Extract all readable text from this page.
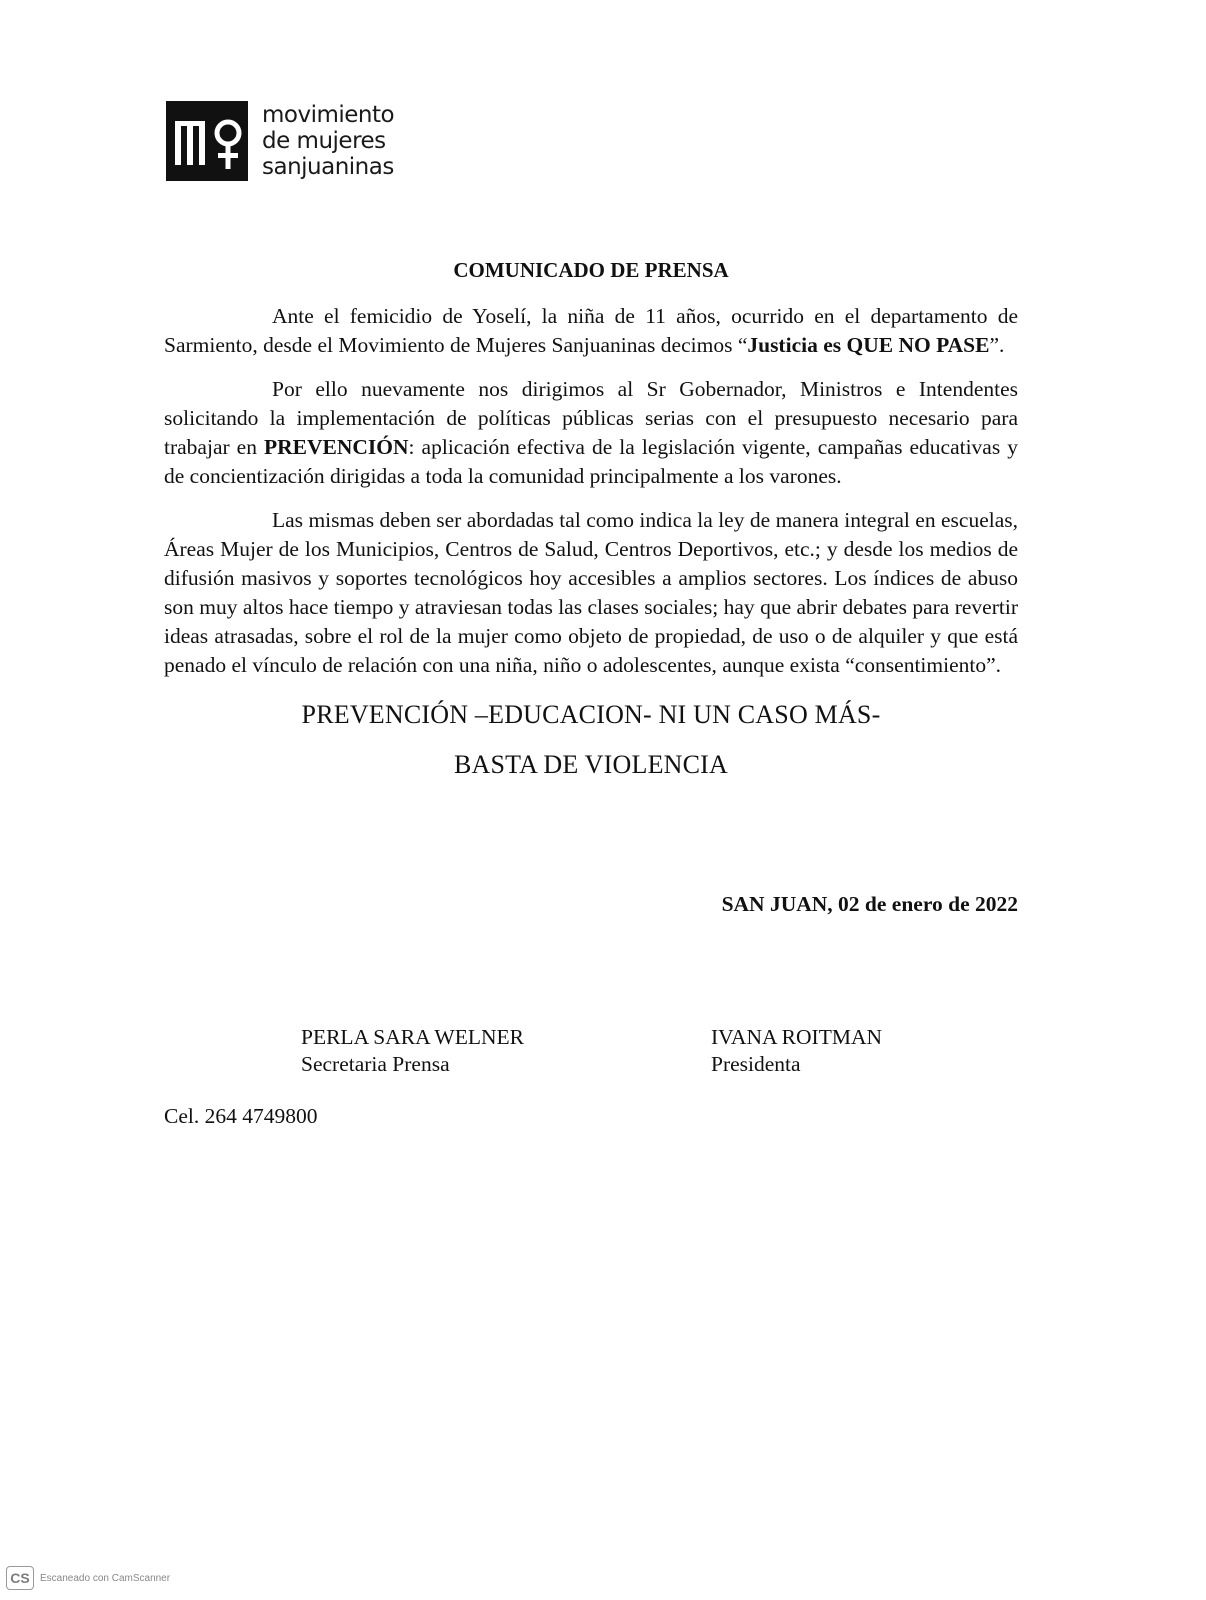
movimiento
de mujeres
sanjuaninas

COMUNICADO DE PRENSA

Ante el femicidio de Yoselí, la niña de 11 años, ocurrido en el departamento de Sarmiento, desde el Movimiento de Mujeres Sanjuaninas decimos “Justicia es QUE NO PASE”.

Por ello nuevamente nos dirigimos al Sr Gobernador, Ministros e Intendentes solicitando la implementación de políticas públicas serias con el presupuesto necesario para trabajar en PREVENCIÓN: aplicación efectiva de la legislación vigente, campañas educativas y de concientización dirigidas a toda la comunidad principalmente a los varones.

Las mismas deben ser abordadas tal como indica la ley de manera integral en escuelas, Áreas Mujer de los Municipios, Centros de Salud, Centros Deportivos, etc.; y desde los medios de difusión masivos y soportes tecnológicos hoy accesibles a amplios sectores. Los índices de abuso son muy altos hace tiempo y atraviesan todas las clases sociales; hay que abrir debates para revertir ideas atrasadas, sobre el rol de la mujer como objeto de propiedad, de uso o de alquiler y que está penado el vínculo de relación con una niña, niño o adolescentes, aunque exista “consentimiento”.

PREVENCIÓN –EDUCACION- NI UN CASO MÁS-

BASTA DE VIOLENCIA

SAN JUAN, 02 de enero de 2022
PERLA SARA WELNER
Secretaria Prensa
IVANA ROITMAN
Presidenta
Cel. 264 4749800
CS	Escaneado con CamScanner
